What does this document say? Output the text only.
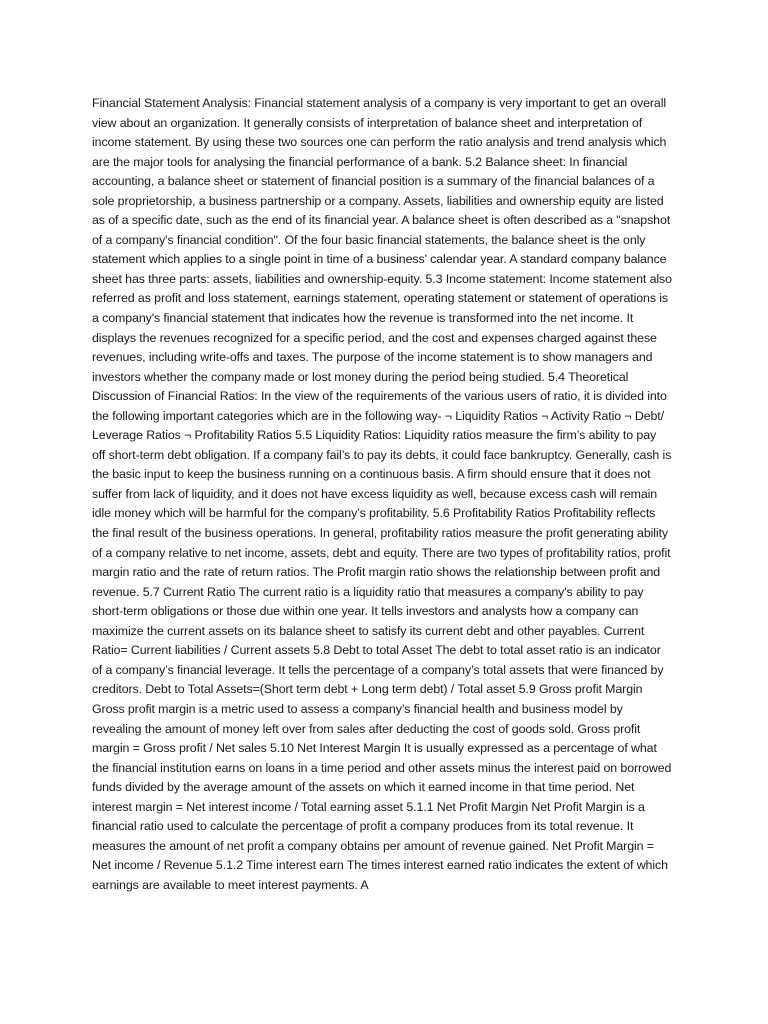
Financial Statement Analysis: Financial statement analysis of a company is very important to get an overall view about an organization. It generally consists of interpretation of balance sheet and interpretation of income statement. By using these two sources one can perform the ratio analysis and trend analysis which are the major tools for analysing the financial performance of a bank. 5.2 Balance sheet: In financial accounting, a balance sheet or statement of financial position is a summary of the financial balances of a sole proprietorship, a business partnership or a company. Assets, liabilities and ownership equity are listed as of a specific date, such as the end of its financial year. A balance sheet is often described as a "snapshot of a company's financial condition". Of the four basic financial statements, the balance sheet is the only statement which applies to a single point in time of a business' calendar year. A standard company balance sheet has three parts: assets, liabilities and ownership-equity. 5.3 Income statement: Income statement also referred as profit and loss statement, earnings statement, operating statement or statement of operations is a company's financial statement that indicates how the revenue is transformed into the net income. It displays the revenues recognized for a specific period, and the cost and expenses charged against these revenues, including write-offs and taxes. The purpose of the income statement is to show managers and investors whether the company made or lost money during the period being studied. 5.4 Theoretical Discussion of Financial Ratios: In the view of the requirements of the various users of ratio, it is divided into the following important categories which are in the following way- ¬ Liquidity Ratios ¬ Activity Ratio ¬ Debt/ Leverage Ratios ¬ Profitability Ratios 5.5 Liquidity Ratios: Liquidity ratios measure the firm’s ability to pay off short-term debt obligation. If a company fail’s to pay its debts, it could face bankruptcy. Generally, cash is the basic input to keep the business running on a continuous basis. A firm should ensure that it does not suffer from lack of liquidity, and it does not have excess liquidity as well, because excess cash will remain idle money which will be harmful for the company’s profitability. 5.6 Profitability Ratios Profitability reflects the final result of the business operations. In general, profitability ratios measure the profit generating ability of a company relative to net income, assets, debt and equity. There are two types of profitability ratios, profit margin ratio and the rate of return ratios. The Profit margin ratio shows the relationship between profit and revenue. 5.7 Current Ratio The current ratio is a liquidity ratio that measures a company's ability to pay short-term obligations or those due within one year. It tells investors and analysts how a company can maximize the current assets on its balance sheet to satisfy its current debt and other payables. Current Ratio= Current liabilities / Current assets 5.8 Debt to total Asset The debt to total asset ratio is an indicator of a company’s financial leverage. It tells the percentage of a company’s total assets that were financed by creditors. Debt to Total Assets=(Short term debt + Long term debt) / Total asset 5.9 Gross profit Margin Gross profit margin is a metric used to assess a company’s financial health and business model by revealing the amount of money left over from sales after deducting the cost of goods sold. Gross profit margin = Gross profit / Net sales 5.10 Net Interest Margin It is usually expressed as a percentage of what the financial institution earns on loans in a time period and other assets minus the interest paid on borrowed funds divided by the average amount of the assets on which it earned income in that time period. Net interest margin = Net interest income / Total earning asset 5.1.1 Net Profit Margin Net Profit Margin is a financial ratio used to calculate the percentage of profit a company produces from its total revenue. It measures the amount of net profit a company obtains per amount of revenue gained. Net Profit Margin = Net income / Revenue 5.1.2 Time interest earn The times interest earned ratio indicates the extent of which earnings are available to meet interest payments. A
